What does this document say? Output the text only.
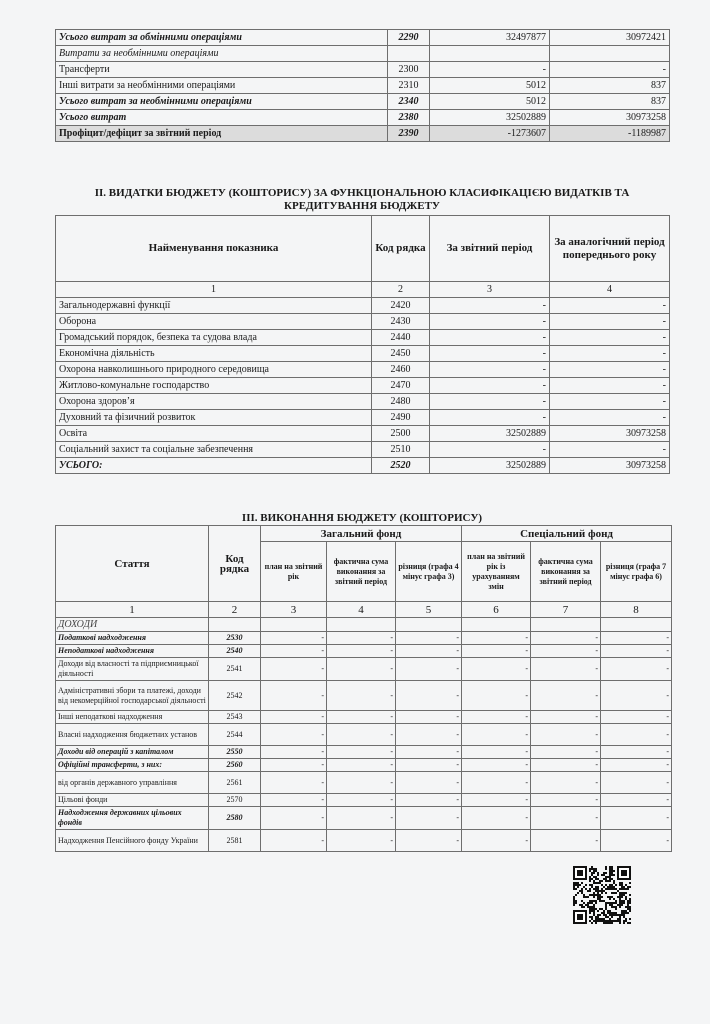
Усього витрат за обмінними операціями	2290	32497877	30972421
Витрати за необмінними операціями			
Трансферти	2300	-	-
Інші витрати за необмінними операціями	2310	5012	837
Усього витрат за необмінними операціями	2340	5012	837
Усього витрат	2380	32502889	30973258
Профіцит/дефіцит за звітний період	2390	-1273607	-1189987
II. ВИДАТКИ БЮДЖЕТУ (КОШТОРИСУ) ЗА ФУНКЦІОНАЛЬНОЮ КЛАСИФІКАЦІЄЮ ВИДАТКІВ ТА
КРЕДИТУВАННЯ БЮДЖЕТУ
Найменування показника	Код рядка	За звітний період	За аналогічний період попереднього року
1	2	3	4
Загальнодержавні функції	2420	-	-
Оборона	2430	-	-
Громадський порядок, безпека та судова влада	2440	-	-
Економічна діяльність	2450	-	-
Охорона навколишнього природного середовища	2460	-	-
Житлово-комунальне господарство	2470	-	-
Охорона здоров’я	2480	-	-
Духовний та фізичний розвиток	2490	-	-
Освіта	2500	32502889	30973258
Соціальний захист та соціальне забезпечення	2510	-	-
УСЬОГО:	2520	32502889	30973258
III. ВИКОНАННЯ БЮДЖЕТУ (КОШТОРИСУ)
Стаття	Код рядка	Загальний фонд			Спеціальний фонд		
		план на звітний рік	фактична сума виконання за звітний період	різниця (графа 4 мінус графа 3)	план на звітний рік із урахуванням змін	фактична сума виконання за звітний період	різниця (графа 7 мінус графа 6)
1	2	3	4	5	6	7	8
ДОХОДИ							
Податкові надходження	2530	-	-	-	-	-	-
Неподаткові надходження	2540	-	-	-	-	-	-
Доходи від власності та підприємницької діяльності	2541	-	-	-	-	-	-
Адміністративні збори та платежі, доходи від некомерційної господарської діяльності	2542	-	-	-	-	-	-
Інші неподаткові надходження	2543	-	-	-	-	-	-
Власні надходження бюджетних установ	2544	-	-	-	-	-	-
Доходи від операцій з капіталом	2550	-	-	-	-	-	-
Офіційні трансферти, з них:	2560	-	-	-	-	-	-
від органів державного управління	2561	-	-	-	-	-	-
Цільові фонди	2570	-	-	-	-	-	-
Надходження державних цільових фондів	2580	-	-	-	-	-	-
Надходження Пенсійного фонду України	2581	-	-	-	-	-	-
